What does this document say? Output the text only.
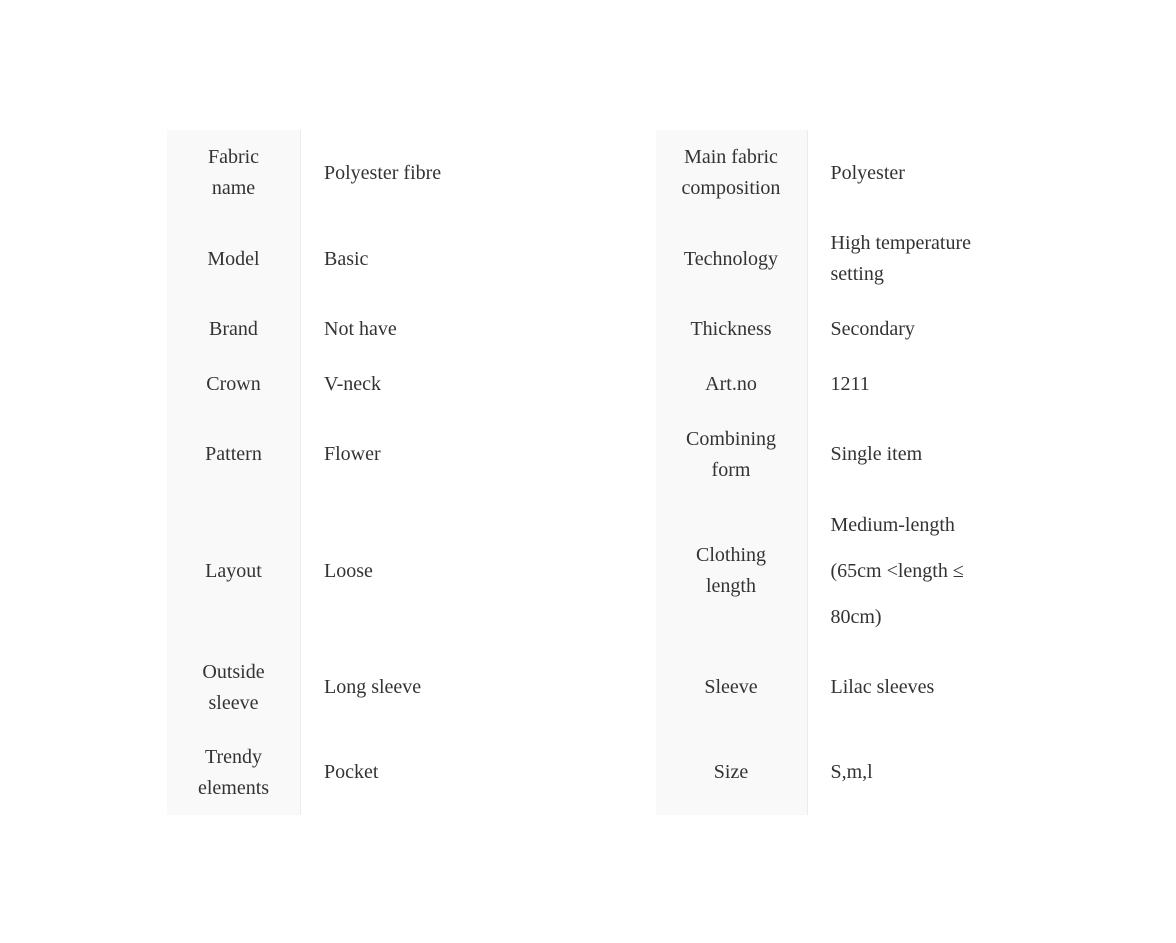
Fabric name	Polyester fibre	Main fabric composition	Polyester
Model	Basic	Technology	High temperature setting
Brand	Not have	Thickness	Secondary
Crown	V-neck	Art.no	1211
Pattern	Flower	Combining form	Single item
Layout	Loose	Clothing length	Medium-length (65cm <length ≤ 80cm)
Outside sleeve	Long sleeve	Sleeve	Lilac sleeves
Trendy elements	Pocket	Size	S,m,l
